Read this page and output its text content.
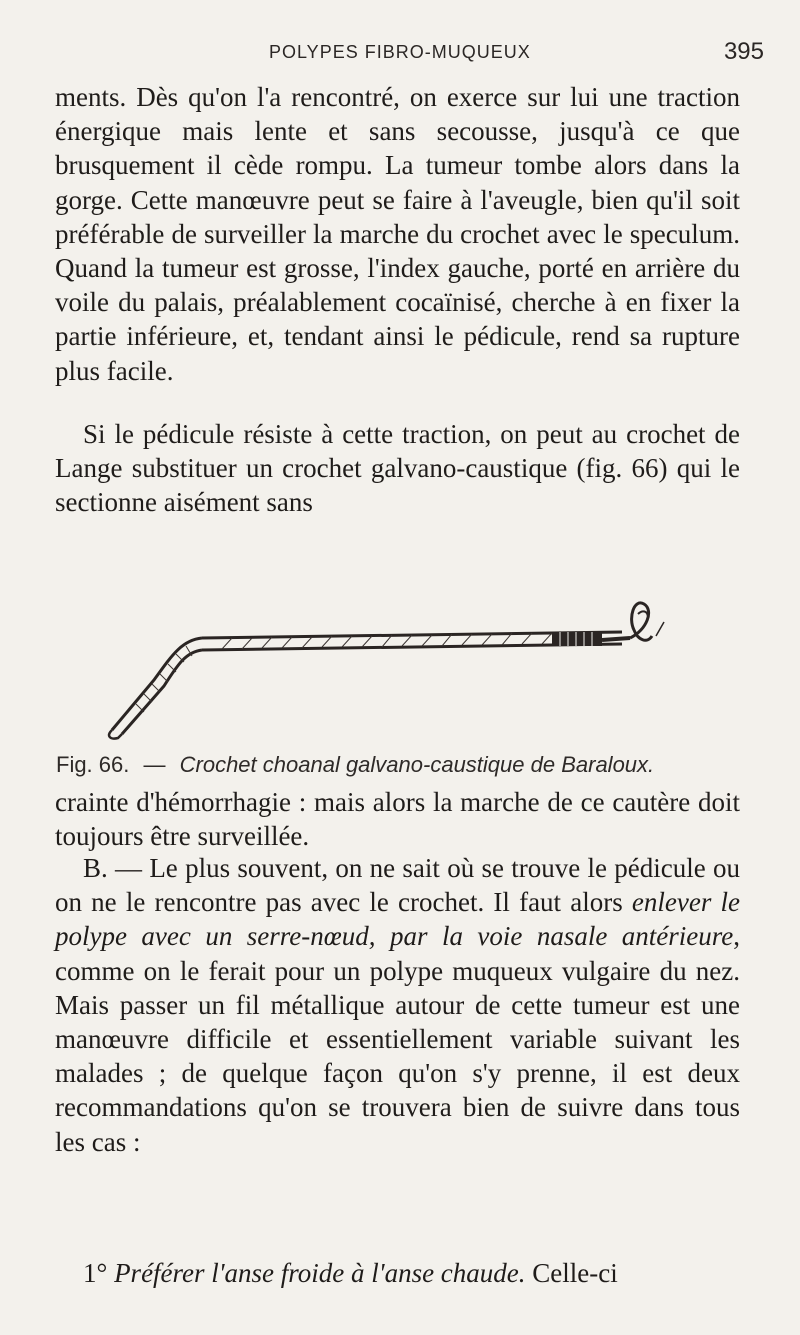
POLYPES FIBRO-MUQUEUX	395

ments. Dès qu'on l'a rencontré, on exerce sur lui une traction énergique mais lente et sans secousse, jusqu'à ce que brusquement il cède rompu. La tumeur tombe alors dans la gorge. Cette manœuvre peut se faire à l'aveugle, bien qu'il soit préférable de surveiller la marche du crochet avec le speculum. Quand la tumeur est grosse, l'index gauche, porté en arrière du voile du palais, préalablement cocaïnisé, cherche à en fixer la partie inférieure, et, tendant ainsi le pédicule, rend sa rupture plus facile.

Si le pédicule résiste à cette traction, on peut au crochet de Lange substituer un crochet galvano-caustique (fig. 66) qui le sectionne aisément sans

Fig. 66. — Crochet choanal galvano-caustique de Baraloux.

crainte d'hémorrhagie : mais alors la marche de ce cautère doit toujours être surveillée.

B. — Le plus souvent, on ne sait où se trouve le pédicule ou on ne le rencontre pas avec le crochet. Il faut alors enlever le polype avec un serre-nœud, par la voie nasale antérieure, comme on le ferait pour un polype muqueux vulgaire du nez. Mais passer un fil métallique autour de cette tumeur est une manœuvre difficile et essentiellement variable suivant les malades ; de quelque façon qu'on s'y prenne, il est deux recommandations qu'on se trouvera bien de suivre dans tous les cas :

1° Préférer l'anse froide à l'anse chaude. Celle-ci
